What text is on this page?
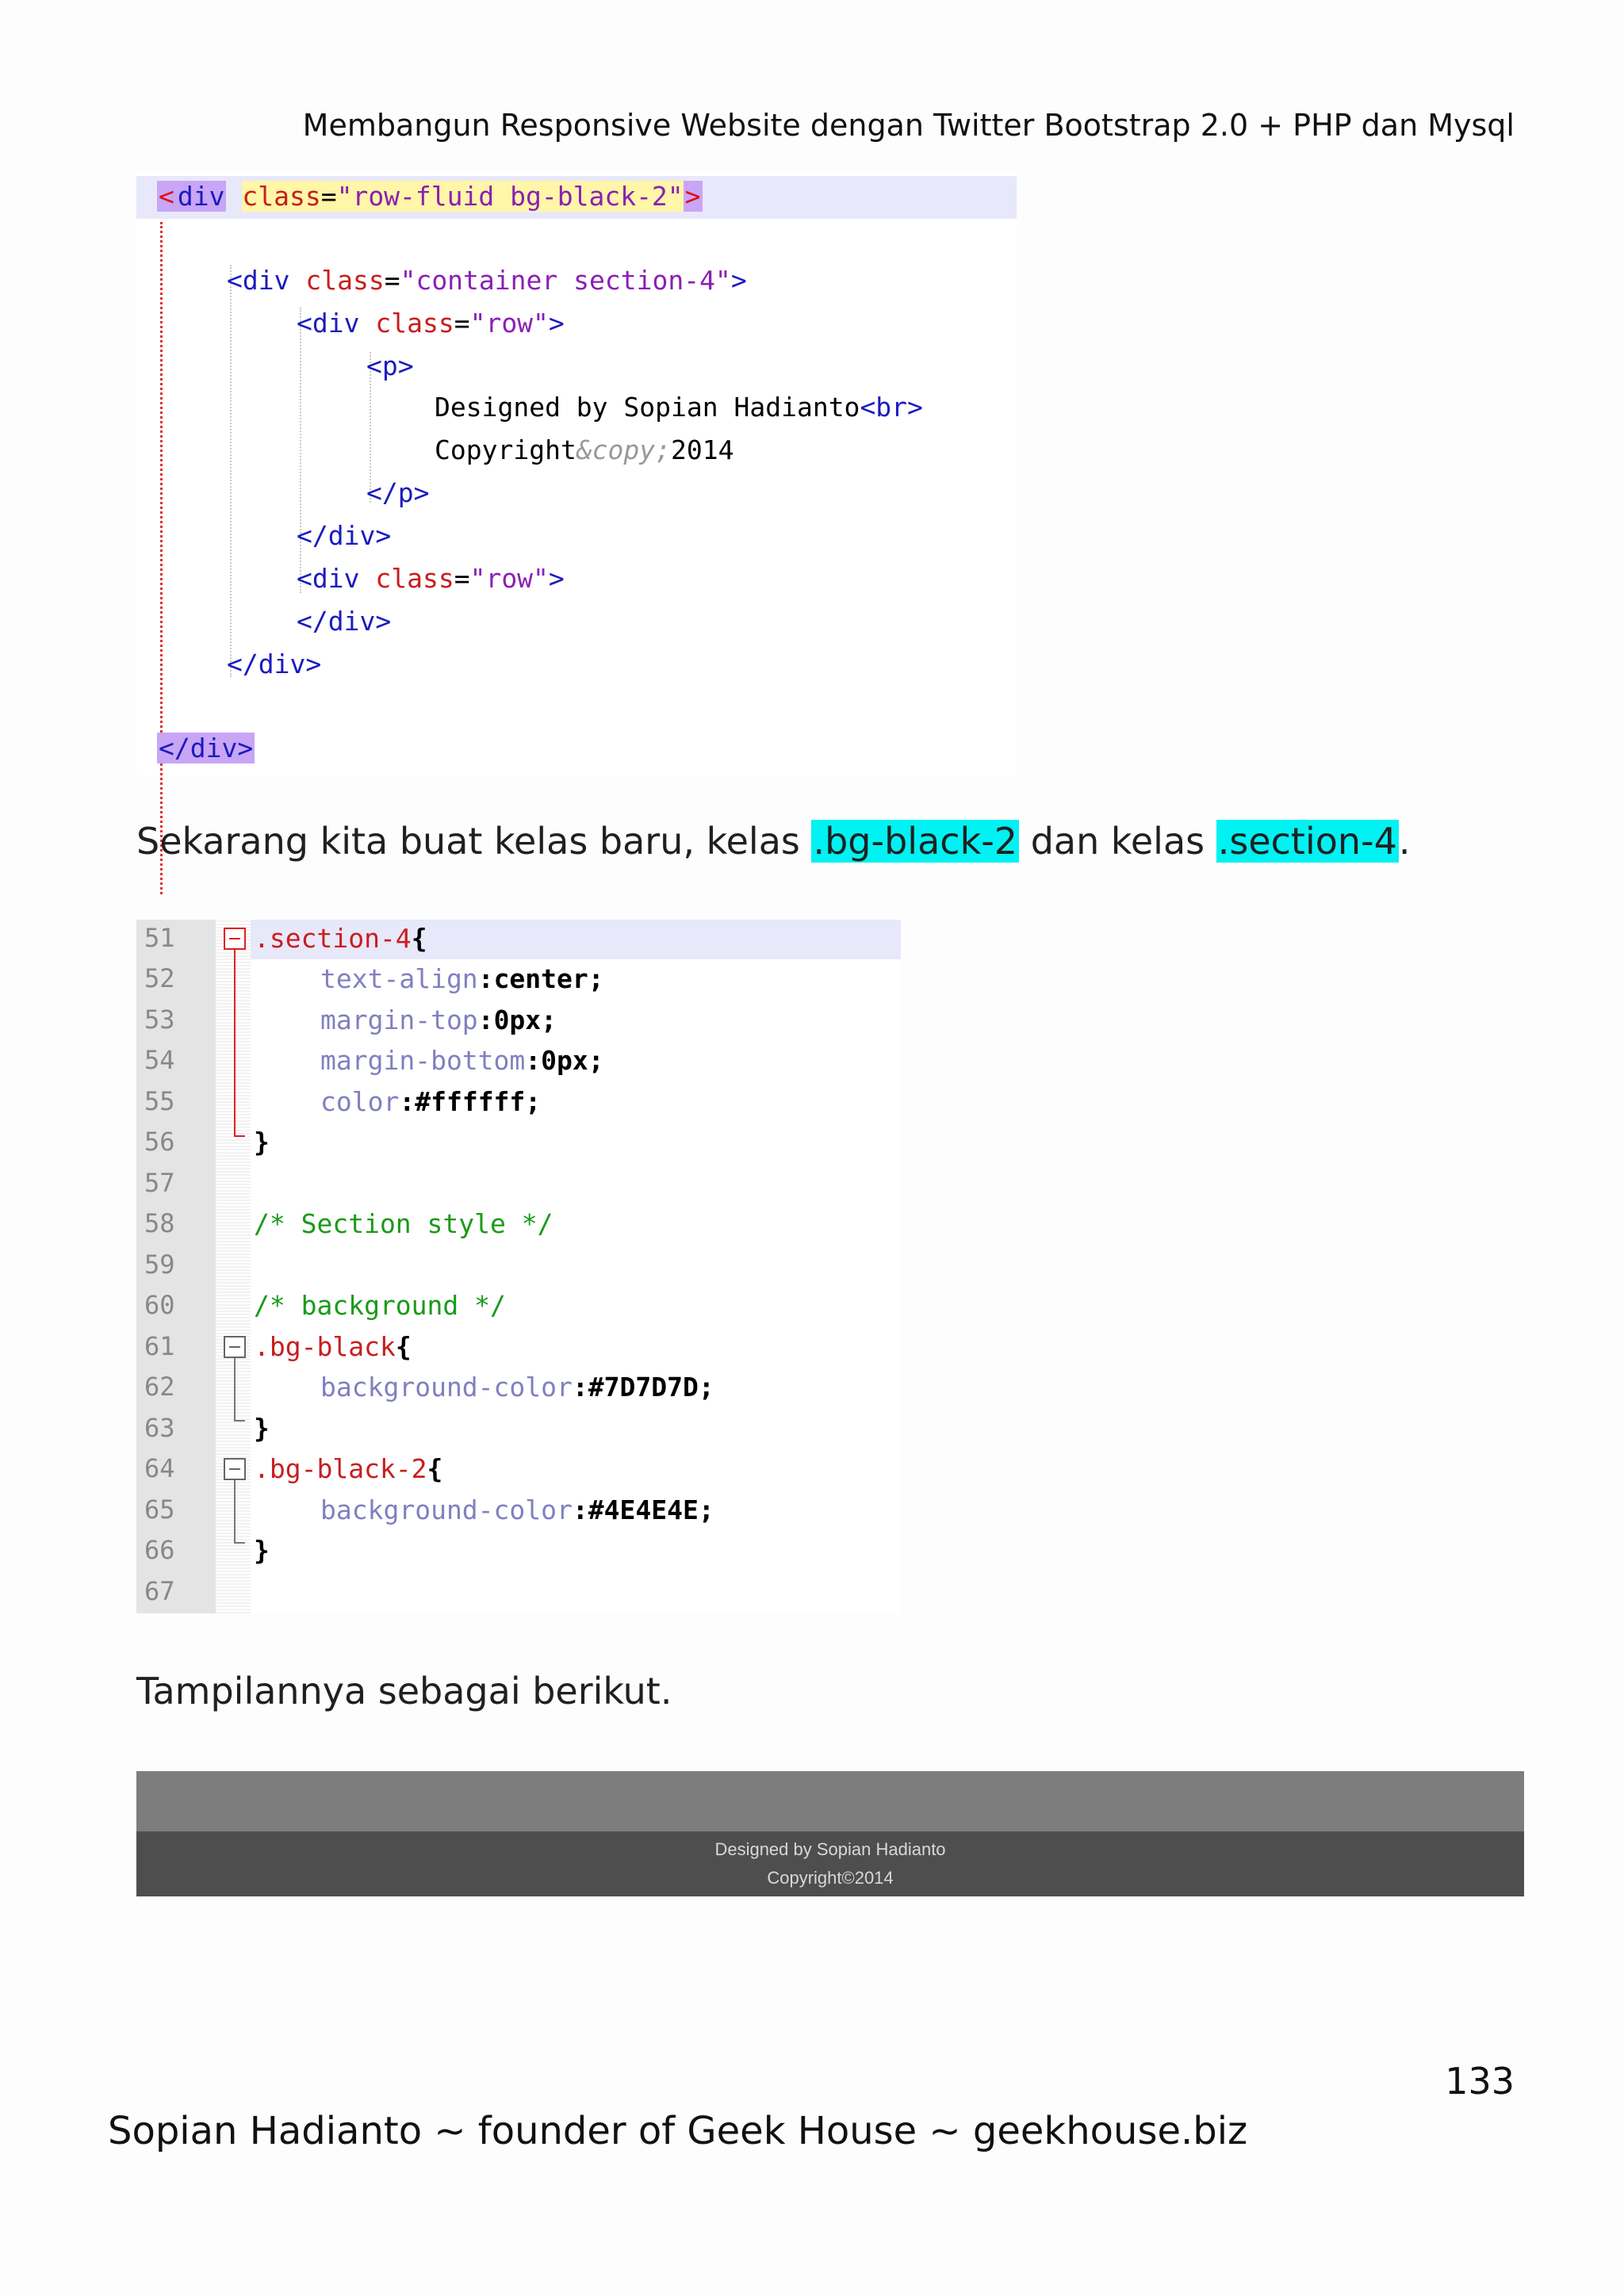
Membangun Responsive Website dengan Twitter Bootstrap 2.0 + PHP dan Mysql
< div class="row-fluid bg-black-2">
<div class="container section-4">
<div class="row">
<p>
Designed by Sopian Hadianto<br>
Copyright&copy;2014
</p>
</div>
<div class="row">
</div>
</div>
</div>
Sekarang kita buat kelas baru, kelas .bg-black-2 dan kelas .section-4.
51
52
53
54
55
56
57
58
59
60
61
62
63
64
65
66
67
.section-4{
text-align:center;
margin-top:0px;
margin-bottom:0px;
color:#ffffff;
}
/* Section style */
/* background */
.bg-black{
background-color:#7D7D7D;
}
.bg-black-2{
background-color:#4E4E4E;
}
Tampilannya sebagai berikut.
Designed by Sopian Hadianto
Copyright©2014
133
Sopian Hadianto ~ founder of Geek House ~ geekhouse.biz
